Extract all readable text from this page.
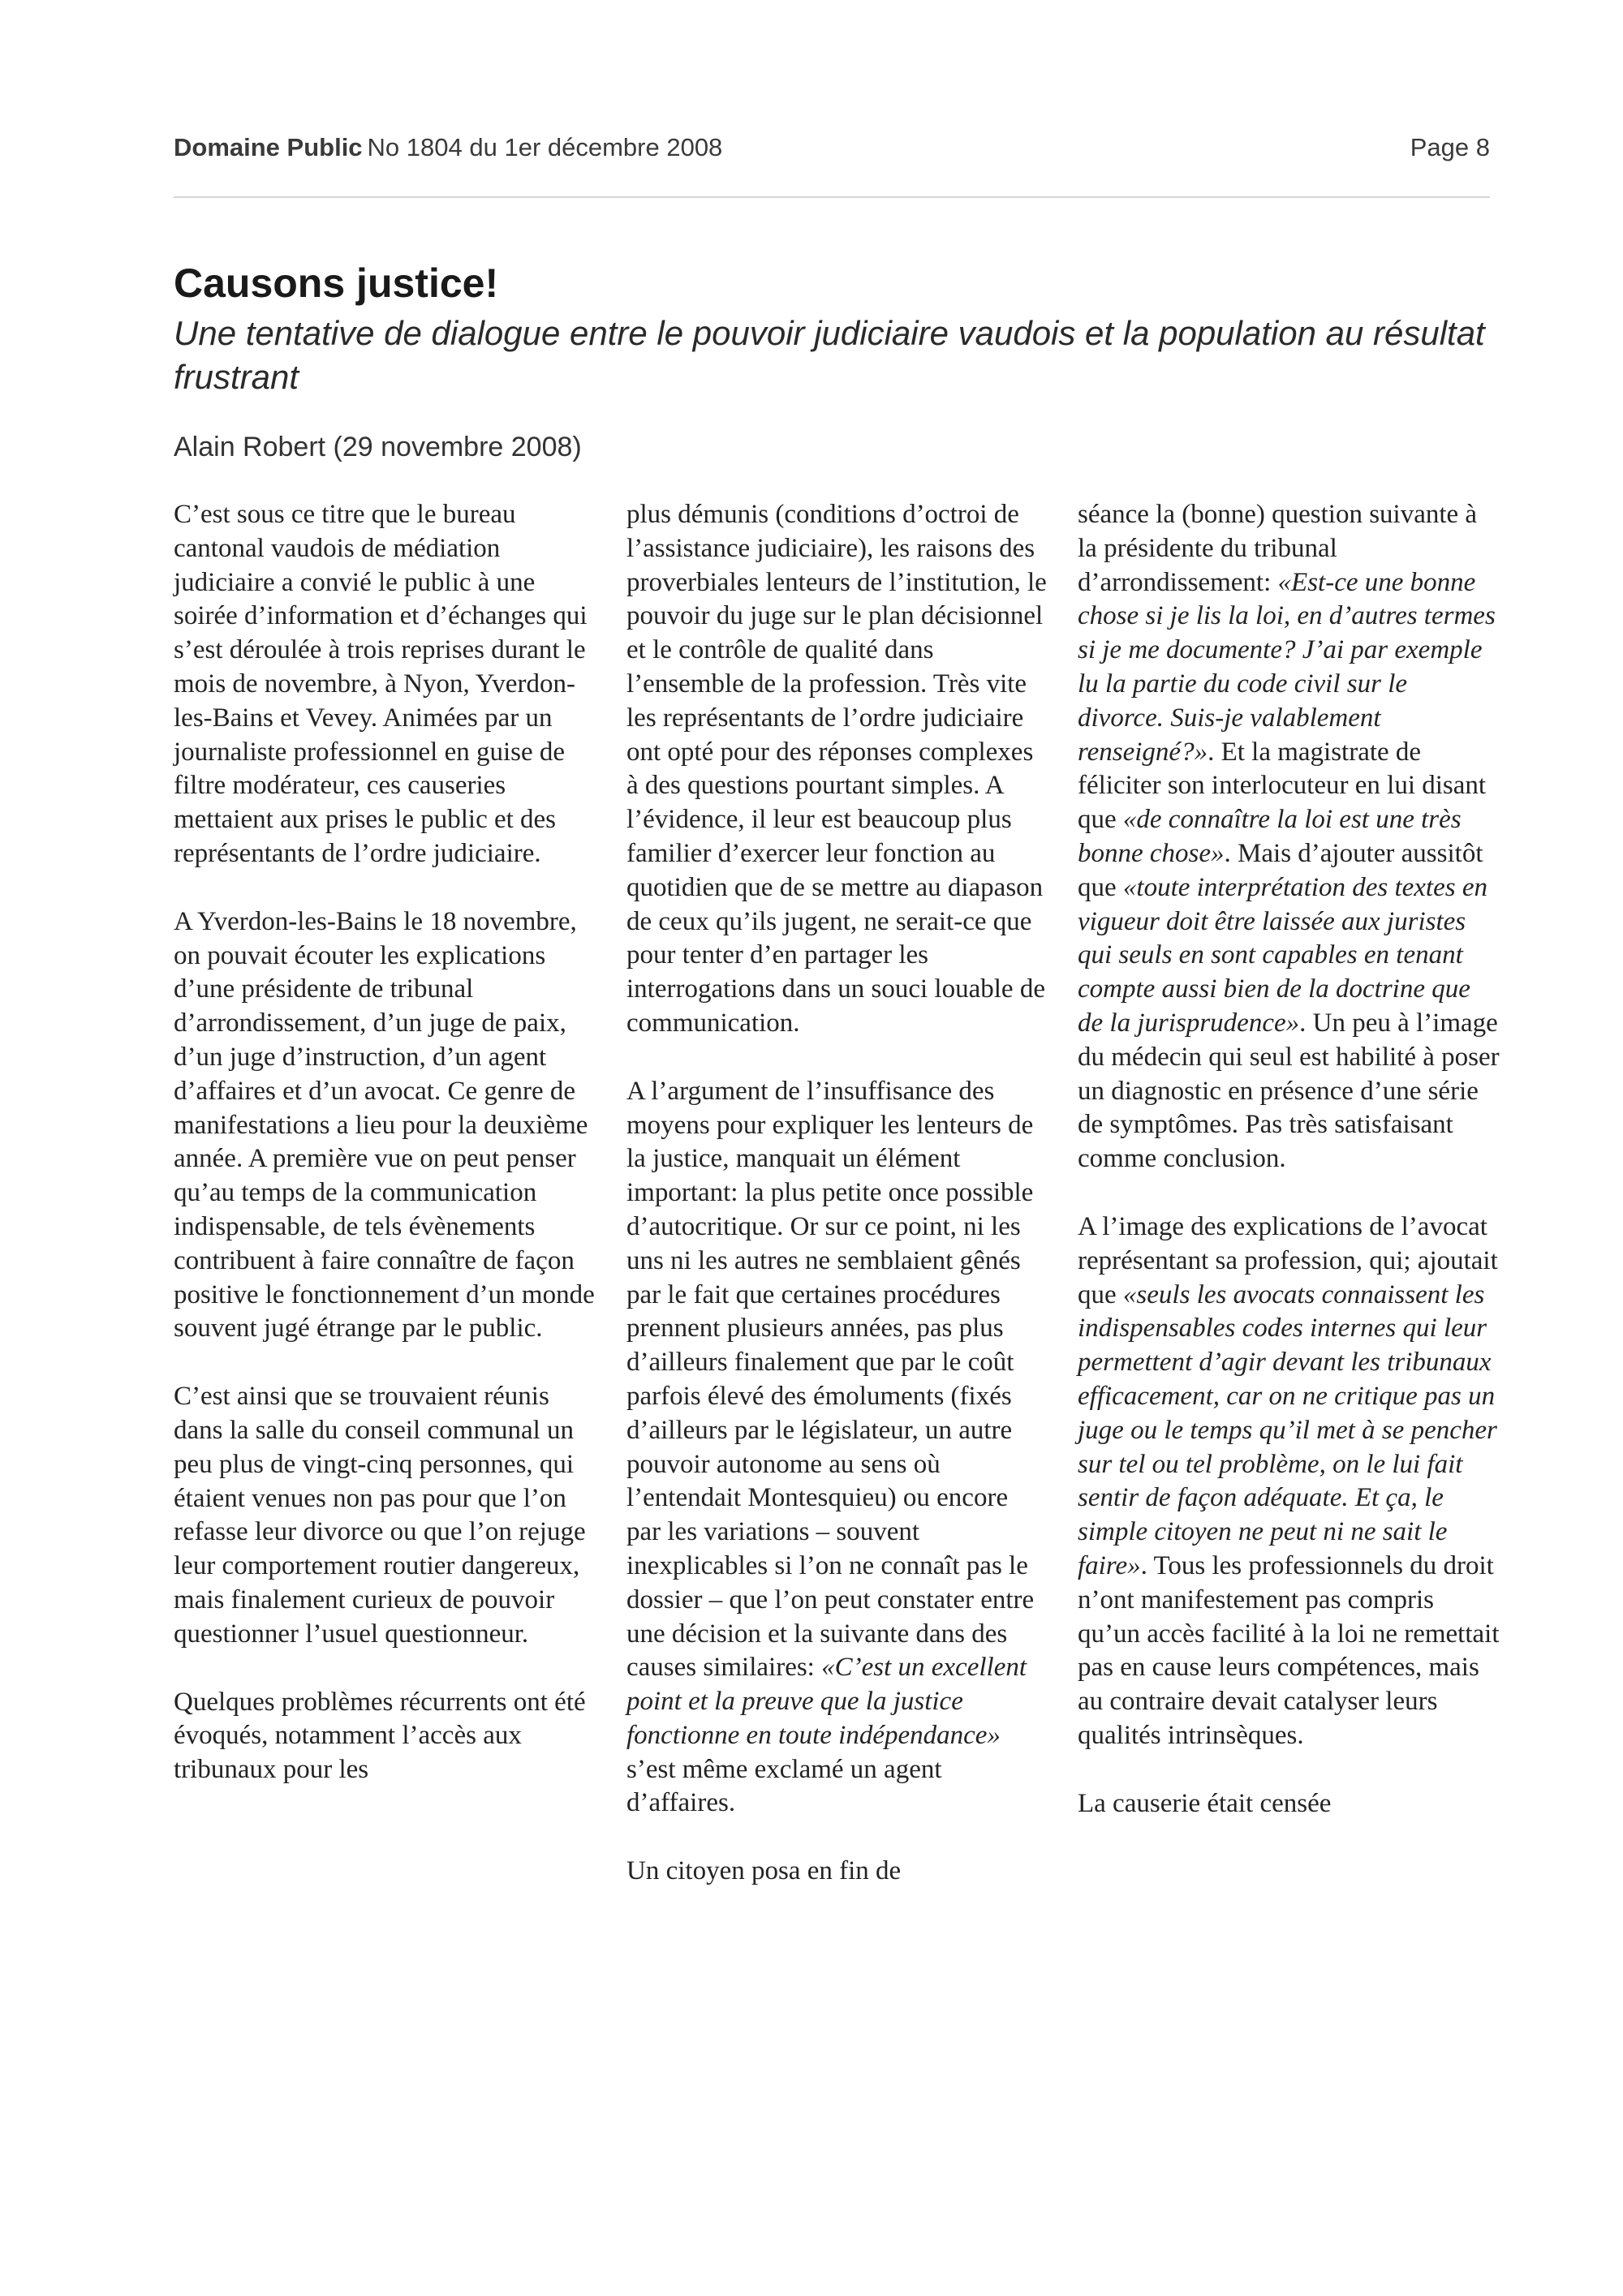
Domaine Public No 1804 du 1er décembre 2008	Page 8
Causons justice!

Une tentative de dialogue entre le pouvoir judiciaire vaudois et la population au résultat frustrant

Alain Robert (29 novembre 2008)

C’est sous ce titre que le bureau cantonal vaudois de médiation judiciaire a convié le public à une soirée d’information et d’échanges qui s’est déroulée à trois reprises durant le mois de novembre, à Nyon, Yverdon-les-Bains et Vevey. Animées par un journaliste professionnel en guise de filtre modérateur, ces causeries mettaient aux prises le public et des représentants de l’ordre judiciaire.

A Yverdon-les-Bains le 18 novembre, on pouvait écouter les explications d’une présidente de tribunal d’arrondissement, d’un juge de paix, d’un juge d’instruction, d’un agent d’affaires et d’un avocat. Ce genre de manifestations a lieu pour la deuxième année. A première vue on peut penser qu’au temps de la communication indispensable, de tels évènements contribuent à faire connaître de façon positive le fonctionnement d’un monde souvent jugé étrange par le public.

C’est ainsi que se trouvaient réunis dans la salle du conseil communal un peu plus de vingt-cinq personnes, qui étaient venues non pas pour que l’on refasse leur divorce ou que l’on rejuge leur comportement routier dangereux, mais finalement curieux de pouvoir questionner l’usuel questionneur.

Quelques problèmes récurrents ont été évoqués, notamment l’accès aux tribunaux pour les

plus démunis (conditions d’octroi de l’assistance judiciaire), les raisons des proverbiales lenteurs de l’institution, le pouvoir du juge sur le plan décisionnel et le contrôle de qualité dans l’ensemble de la profession. Très vite les représentants de l’ordre judiciaire ont opté pour des réponses complexes à des questions pourtant simples. A l’évidence, il leur est beaucoup plus familier d’exercer leur fonction au quotidien que de se mettre au diapason de ceux qu’ils jugent, ne serait-ce que pour tenter d’en partager les interrogations dans un souci louable de communication.

A l’argument de l’insuffisance des moyens pour expliquer les lenteurs de la justice, manquait un élément important: la plus petite once possible d’autocritique. Or sur ce point, ni les uns ni les autres ne semblaient gênés par le fait que certaines procédures prennent plusieurs années, pas plus d’ailleurs finalement que par le coût parfois élevé des émoluments (fixés d’ailleurs par le législateur, un autre pouvoir autonome au sens où l’entendait Montesquieu) ou encore par les variations – souvent inexplicables si l’on ne connaît pas le dossier – que l’on peut constater entre une décision et la suivante dans des causes similaires: «C’est un excellent point et la preuve que la justice fonctionne en toute indépendance» s’est même exclamé un agent d’affaires.

Un citoyen posa en fin de

séance la (bonne) question suivante à la présidente du tribunal d’arrondissement: «Est-ce une bonne chose si je lis la loi, en d’autres termes si je me documente? J’ai par exemple lu la partie du code civil sur le divorce. Suis-je valablement renseigné?». Et la magistrate de féliciter son interlocuteur en lui disant que «de connaître la loi est une très bonne chose». Mais d’ajouter aussitôt que «toute interprétation des textes en vigueur doit être laissée aux juristes qui seuls en sont capables en tenant compte aussi bien de la doctrine que de la jurisprudence». Un peu à l’image du médecin qui seul est habilité à poser un diagnostic en présence d’une série de symptômes. Pas très satisfaisant comme conclusion.

A l’image des explications de l’avocat représentant sa profession, qui; ajoutait que «seuls les avocats connaissent les indispensables codes internes qui leur permettent d’agir devant les tribunaux efficacement, car on ne critique pas un juge ou le temps qu’il met à se pencher sur tel ou tel problème, on le lui fait sentir de façon adéquate. Et ça, le simple citoyen ne peut ni ne sait le faire». Tous les professionnels du droit n’ont manifestement pas compris qu’un accès facilité à la loi ne remettait pas en cause leurs compétences, mais au contraire devait catalyser leurs qualités intrinsèques.

La causerie était censée
